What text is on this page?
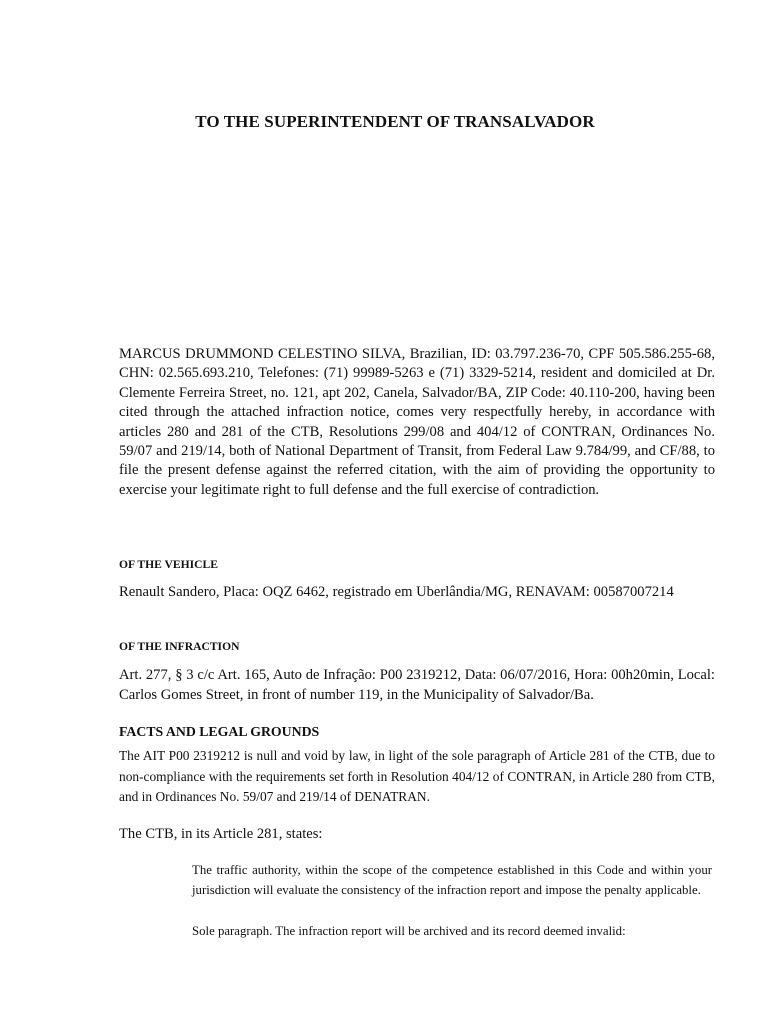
TO THE SUPERINTENDENT OF TRANSALVADOR

MARCUS DRUMMOND CELESTINO SILVA, Brazilian, ID: 03.797.236-70, CPF 505.586.255-68, CHN: 02.565.693.210, Telefones: (71) 99989-5263 e (71) 3329-5214, resident and domiciled at Dr. Clemente Ferreira Street, no. 121, apt 202, Canela, Salvador/BA, ZIP Code: 40.110-200, having been cited through the attached infraction notice, comes very respectfully hereby, in accordance with articles 280 and 281 of the CTB, Resolutions 299/08 and 404/12 of CONTRAN, Ordinances No. 59/07 and 219/14, both of National Department of Transit, from Federal Law 9.784/99, and CF/88, to file the present defense against the referred citation, with the aim of providing the opportunity to exercise your legitimate right to full defense and the full exercise of contradiction.

OF THE VEHICLE

Renault Sandero, Placa: OQZ 6462, registrado em Uberlândia/MG, RENAVAM: 00587007214

OF THE INFRACTION

Art. 277, § 3 c/c Art. 165, Auto de Infração: P00 2319212, Data: 06/07/2016, Hora: 00h20min, Local: Carlos Gomes Street, in front of number 119, in the Municipality of Salvador/Ba.

FACTS AND LEGAL GROUNDS

The AIT P00 2319212 is null and void by law, in light of the sole paragraph of Article 281 of the CTB, due to non-compliance with the requirements set forth in Resolution 404/12 of CONTRAN, in Article 280 from CTB, and in Ordinances No. 59/07 and 219/14 of DENATRAN.

The CTB, in its Article 281, states:

The traffic authority, within the scope of the competence established in this Code and within your jurisdiction will evaluate the consistency of the infraction report and impose the penalty applicable.

Sole paragraph. The infraction report will be archived and its record deemed invalid:
